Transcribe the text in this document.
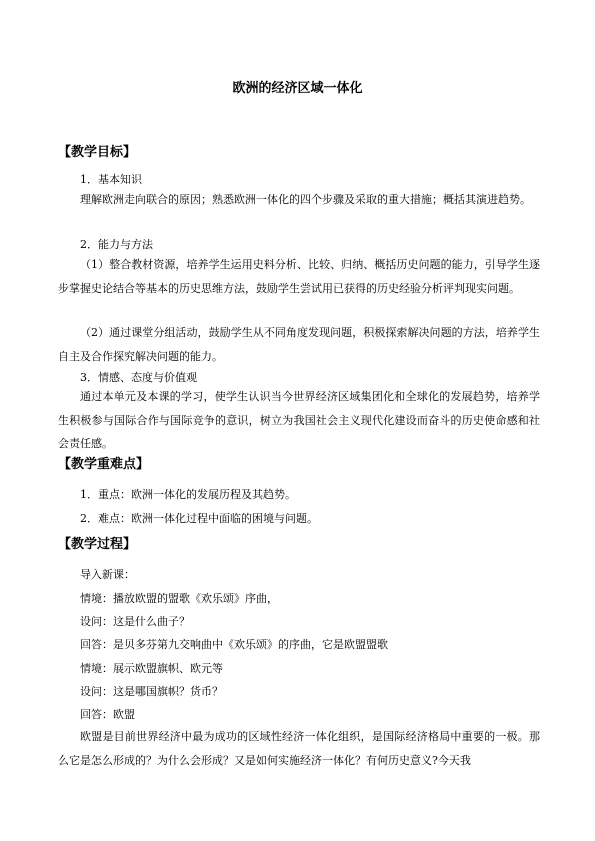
欧洲的经济区域一体化
【教学目标】

1．基本知识

理解欧洲走向联合的原因；熟悉欧洲一体化的四个步骤及采取的重大措施；概括其演进趋势。

2．能力与方法

（1）整合教材资源，培养学生运用史料分析、比较、归纳、概括历史问题的能力，引导学生逐步掌握史论结合等基本的历史思维方法，鼓励学生尝试用已获得的历史经验分析评判现实问题。

（2）通过课堂分组活动，鼓励学生从不同角度发现问题，积极探索解决问题的方法，培养学生自主及合作探究解决问题的能力。

3．情感、态度与价值观

通过本单元及本课的学习，使学生认识当今世界经济区域集团化和全球化的发展趋势，培养学生积极参与国际合作与国际竞争的意识，树立为我国社会主义现代化建设而奋斗的历史使命感和社会责任感。

【教学重难点】

1．重点：欧洲一体化的发展历程及其趋势。

2．难点：欧洲一体化过程中面临的困境与问题。

【教学过程】

导入新课：

情境：播放欧盟的盟歌《欢乐颂》序曲，

设问：这是什么曲子？

回答：是贝多芬第九交响曲中《欢乐颂》的序曲，它是欧盟盟歌

情境：展示欧盟旗帜、欧元等

设问：这是哪国旗帜？货币？

回答：欧盟

欧盟是目前世界经济中最为成功的区域性经济一体化组织，是国际经济格局中重要的一极。那么它是怎么形成的？为什么会形成？又是如何实施经济一体化？有何历史意义?今天我
